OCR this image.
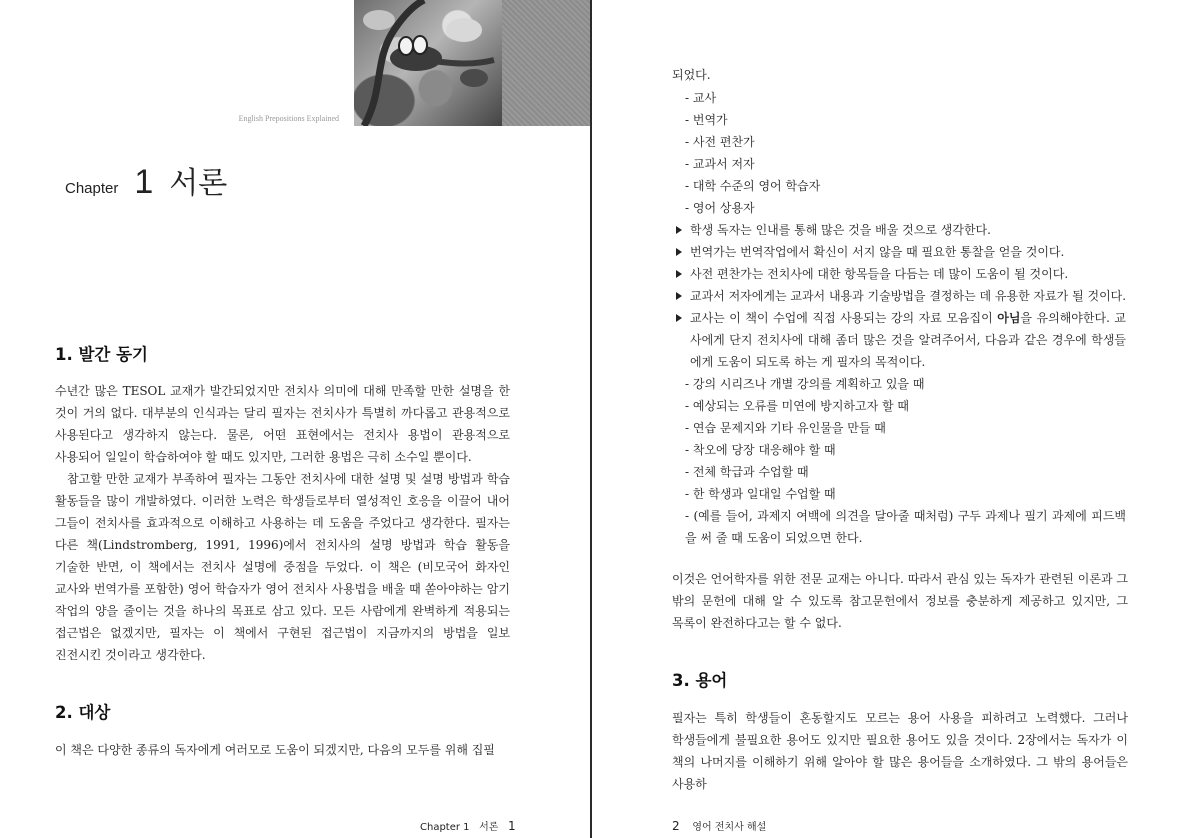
English Prepositions Explained
Chapter 1 서론
1. 발간 동기

수년간 많은 TESOL 교재가 발간되었지만 전치사 의미에 대해 만족할 만한 설명을 한 것이 거의 없다. 대부분의 인식과는 달리 필자는 전치사가 특별히 까다롭고 관용적으로 사용된다고 생각하지 않는다. 물론, 어떤 표현에서는 전치사 용법이 관용적으로 사용되어 일일이 학습하여야 할 때도 있지만, 그러한 용법은 극히 소수일 뿐이다.

참고할 만한 교재가 부족하여 필자는 그동안 전치사에 대한 설명 및 설명 방법과 학습 활동들을 많이 개발하였다. 이러한 노력은 학생들로부터 열성적인 호응을 이끌어 내어 그들이 전치사를 효과적으로 이해하고 사용하는 데 도움을 주었다고 생각한다. 필자는 다른 책(Lindstromberg, 1991, 1996)에서 전치사의 설명 방법과 학습 활동을 기술한 반면, 이 책에서는 전치사 설명에 중점을 두었다. 이 책은 (비모국어 화자인 교사와 번역가를 포함한) 영어 학습자가 영어 전치사 사용법을 배울 때 쏟아야하는 암기 작업의 양을 줄이는 것을 하나의 목표로 삼고 있다. 모든 사람에게 완벽하게 적용되는 접근법은 없겠지만, 필자는 이 책에서 구현된 접근법이 지금까지의 방법을 일보 진전시킨 것이라고 생각한다.

2. 대상

이 책은 다양한 종류의 독자에게 여러모로 도움이 되겠지만, 다음의 모두를 위해 집필

Chapter 1 서론 1

되었다.

- 교사
- 번역가
- 사전 편찬가
- 교과서 저자
- 대학 수준의 영어 학습자
- 영어 상용자
학생 독자는 인내를 통해 많은 것을 배울 것으로 생각한다.
번역가는 번역작업에서 확신이 서지 않을 때 필요한 통찰을 얻을 것이다.
사전 편찬가는 전치사에 대한 항목들을 다듬는 데 많이 도움이 될 것이다.
교과서 저자에게는 교과서 내용과 기술방법을 결정하는 데 유용한 자료가 될 것이다.
교사는 이 책이 수업에 직접 사용되는 강의 자료 모음집이 아님을 유의해야한다. 교사에게 단지 전치사에 대해 좀더 많은 것을 알려주어서, 다음과 같은 경우에 학생들에게 도움이 되도록 하는 게 필자의 목적이다.
- 강의 시리즈나 개별 강의를 계획하고 있을 때
- 예상되는 오류를 미연에 방지하고자 할 때
- 연습 문제지와 기타 유인물을 만들 때
- 착오에 당장 대응해야 할 때
- 전체 학급과 수업할 때
- 한 학생과 일대일 수업할 때
- (예를 들어, 과제지 여백에 의견을 달아줄 때처럼) 구두 과제나 필기 과제에 피드백을 써 줄 때 도움이 되었으면 한다.

이것은 언어학자를 위한 전문 교재는 아니다. 따라서 관심 있는 독자가 관련된 이론과 그 밖의 문헌에 대해 알 수 있도록 참고문헌에서 정보를 충분하게 제공하고 있지만, 그 목록이 완전하다고는 할 수 없다.

3. 용어

필자는 특히 학생들이 혼동할지도 모르는 용어 사용을 피하려고 노력했다. 그러나 학생들에게 불필요한 용어도 있지만 필요한 용어도 있을 것이다. 2장에서는 독자가 이 책의 나머지를 이해하기 위해 알아야 할 많은 용어들을 소개하였다. 그 밖의 용어들은 사용하

2 영어 전치사 해설
